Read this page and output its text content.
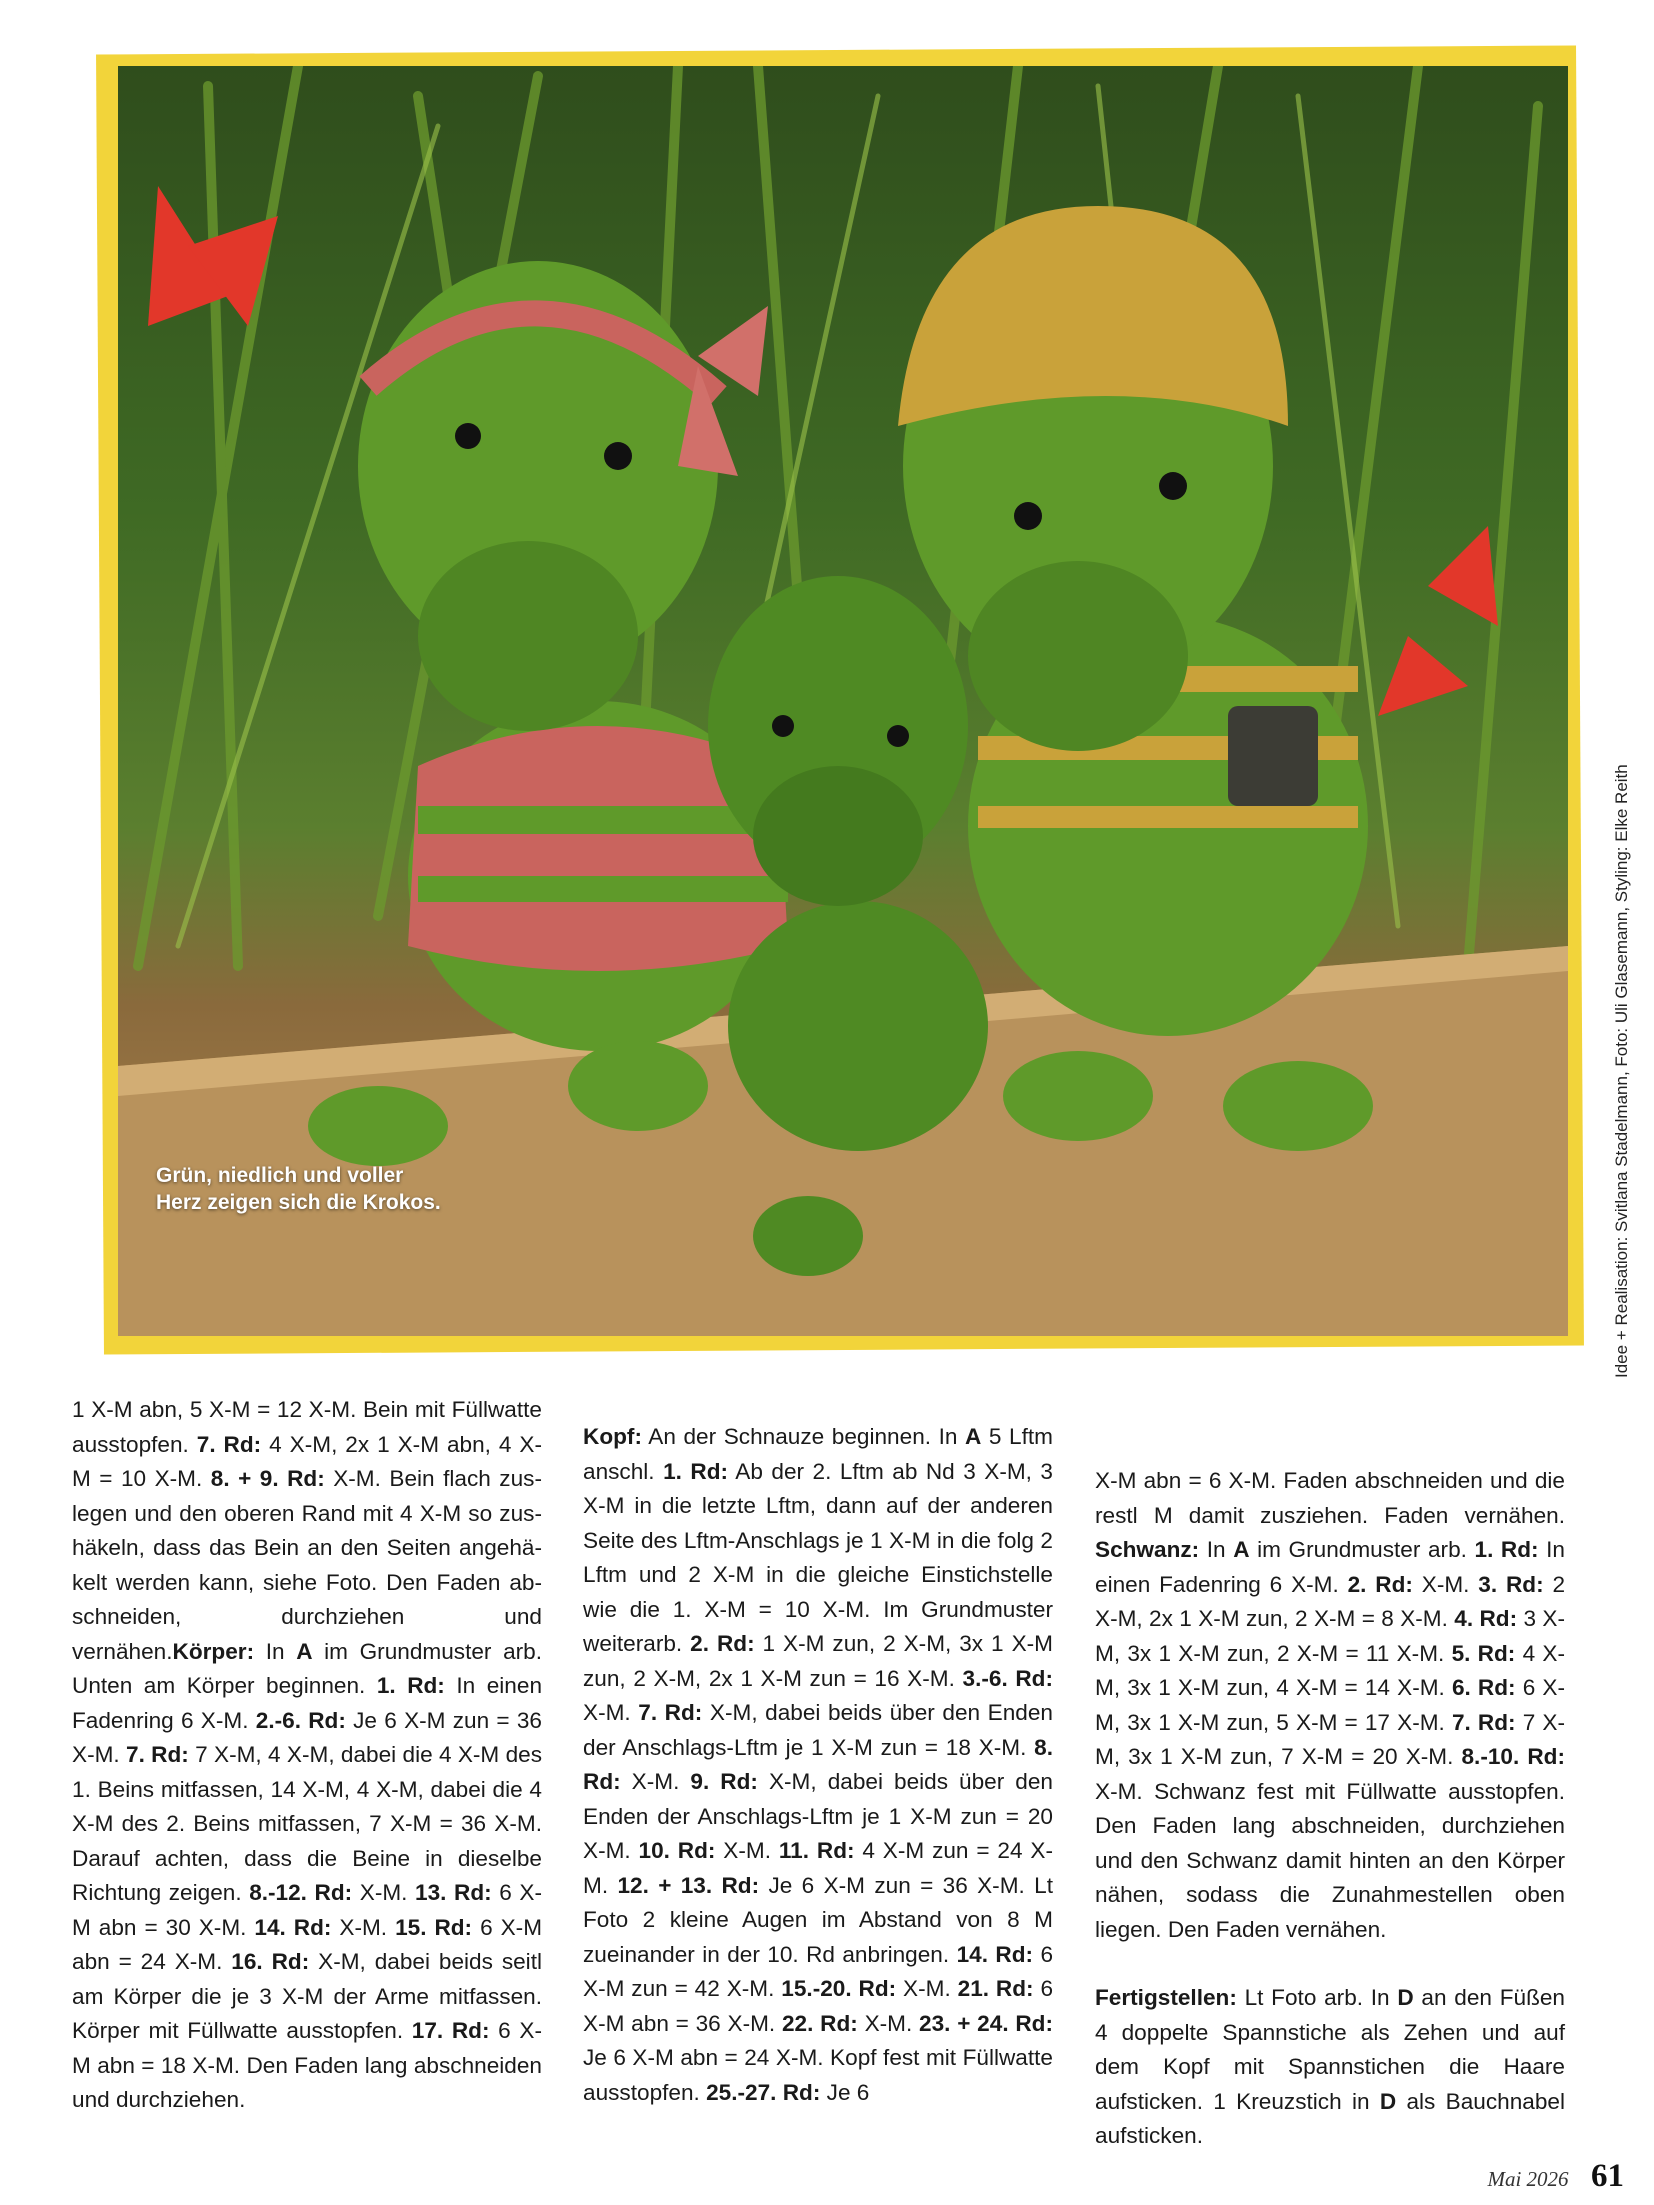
Grün, niedlich und voller
Herz zeigen sich die Krokos.	Idee + Realisation: Svitlana Stadelmann, Foto: Uli Glasemann, Styling: Elke Reith

1 X-M abn, 5 X-M = 12 X-M. Bein mit Füllwatte ausstopfen. 7. Rd: 4 X-M, 2x 1 X-M abn, 4 X-M = 10 X-M. 8. + 9. Rd: X-M. Bein flach zuslegen und den oberen Rand mit 4 X-M so zushäkeln, dass das Bein an den Seiten angehäkelt werden kann, siehe Foto. Den Faden abschneiden, durchziehen und vernähen.Körper: In A im Grundmuster arb. Unten am Körper beginnen. 1. Rd: In einen Fadenring 6 X-M. 2.-6. Rd: Je 6 X-M zun = 36 X-M. 7. Rd: 7 X-M, 4 X-M, dabei die 4 X-M des 1. Beins mitfassen, 14 X-M, 4 X-M, dabei die 4 X-M des 2. Beins mitfassen, 7 X-M = 36 X-M. Darauf achten, dass die Beine in dieselbe Richtung zeigen. 8.-12. Rd: X-M. 13. Rd: 6 X-M abn = 30 X-M. 14. Rd: X-M. 15. Rd: 6 X-M abn = 24 X-M. 16. Rd: X-M, dabei beids seitl am Körper die je 3 X-M der Arme mitfassen. Körper mit Füllwatte ausstopfen. 17. Rd: 6 X-M abn = 18 X-M. Den Faden lang abschneiden und durchziehen.

Kopf: An der Schnauze beginnen. In A 5 Lftm anschl. 1. Rd: Ab der 2. Lftm ab Nd 3 X-M, 3 X-M in die letzte Lftm, dann auf der anderen Seite des Lftm-Anschlags je 1 X-M in die folg 2 Lftm und 2 X-M in die gleiche Einstichstelle wie die 1. X-M = 10 X-M. Im Grundmuster weiterarb. 2. Rd: 1 X-M zun, 2 X-M, 3x 1 X-M zun, 2 X-M, 2x 1 X-M zun = 16 X-M. 3.-6. Rd: X-M. 7. Rd: X-M, dabei beids über den Enden der Anschlags-Lftm je 1 X-M zun = 18 X-M. 8. Rd: X-M. 9. Rd: X-M, dabei beids über den Enden der Anschlags-Lftm je 1 X-M zun = 20 X-M. 10. Rd: X-M. 11. Rd: 4 X-M zun = 24 X-M. 12. + 13. Rd: Je 6 X-M zun = 36 X-M. Lt Foto 2 kleine Augen im Abstand von 8 M zueinander in der 10. Rd anbringen. 14. Rd: 6 X-M zun = 42 X-M. 15.-20. Rd: X-M. 21. Rd: 6 X-M abn = 36 X-M. 22. Rd: X-M. 23. + 24. Rd: Je 6 X-M abn = 24 X-M. Kopf fest mit Füllwatte ausstopfen. 25.-27. Rd: Je 6

X-M abn = 6 X-M. Faden abschneiden und die restl M damit zusziehen. Faden vernähen. Schwanz: In A im Grundmuster arb. 1. Rd: In einen Fadenring 6 X-M. 2. Rd: X-M. 3. Rd: 2 X-M, 2x 1 X-M zun, 2 X-M = 8 X-M. 4. Rd: 3 X-M, 3x 1 X-M zun, 2 X-M = 11 X-M. 5. Rd: 4 X-M, 3x 1 X-M zun, 4 X-M = 14 X-M. 6. Rd: 6 X-M, 3x 1 X-M zun, 5 X-M = 17 X-M. 7. Rd: 7 X-M, 3x 1 X-M zun, 7 X-M = 20 X-M. 8.-10. Rd: X-M. Schwanz fest mit Füllwatte ausstopfen. Den Faden lang abschneiden, durchziehen und den Schwanz damit hinten an den Körper nähen, sodass die Zunahmestellen oben liegen. Den Faden vernähen.

Fertigstellen: Lt Foto arb. In D an den Füßen 4 doppelte Spannstiche als Zehen und auf dem Kopf mit Spannstichen die Haare aufsticken. 1 Kreuzstich in D als Bauchnabel aufsticken.

Mai 2026 61
